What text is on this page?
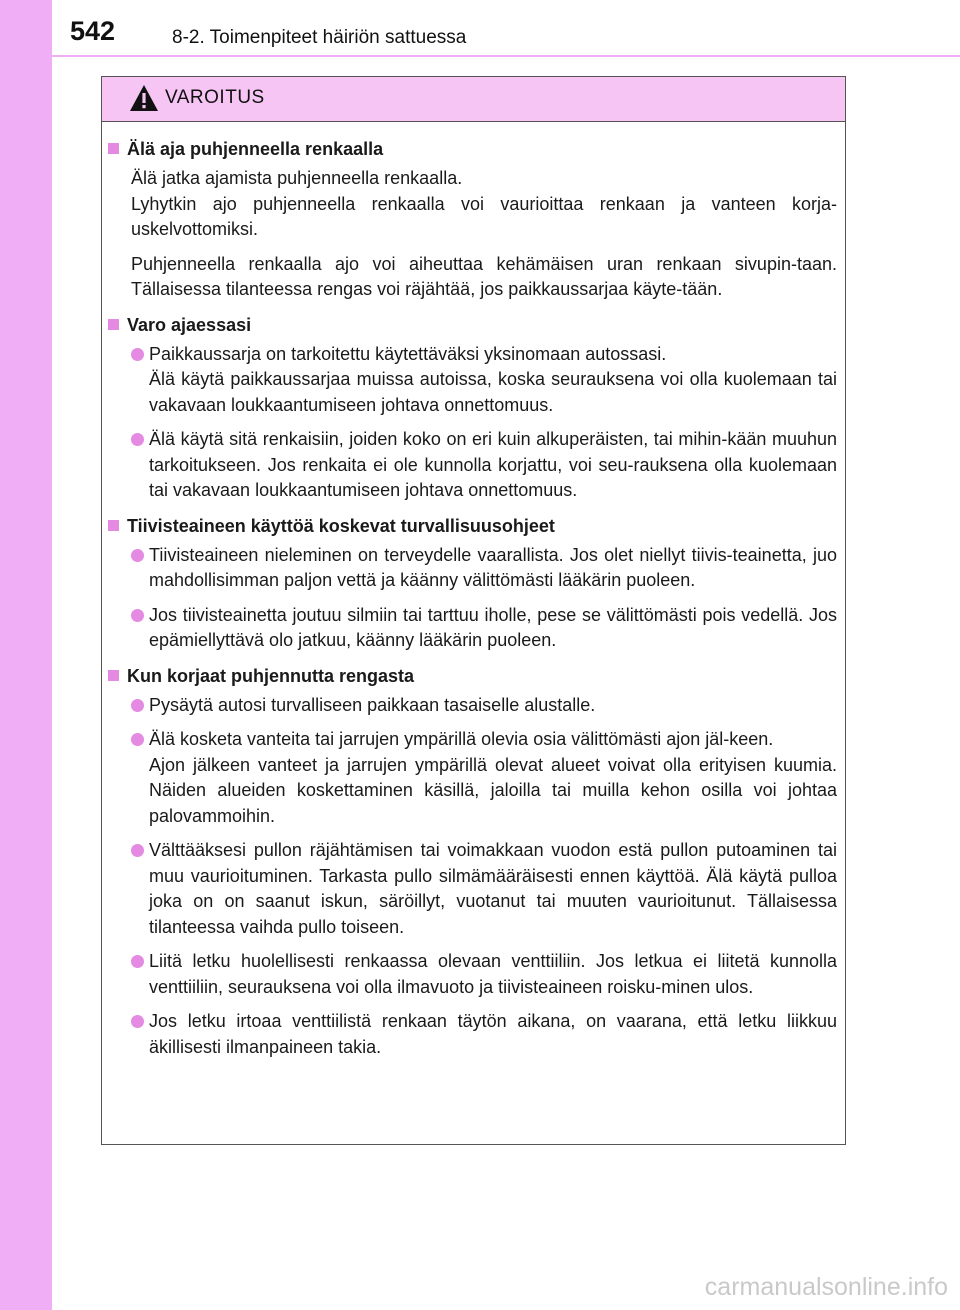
542	8-2. Toimenpiteet häiriön sattuessa
VAROITUS
Älä aja puhjenneella renkaalla
Älä jatka ajamista puhjenneella renkaalla.
Lyhytkin ajo puhjenneella renkaalla voi vaurioittaa renkaan ja vanteen korja-uskelvottomiksi.
Puhjenneella renkaalla ajo voi aiheuttaa kehämäisen uran renkaan sivupin-taan. Tällaisessa tilanteessa rengas voi räjähtää, jos paikkaussarjaa käyte-tään.
Varo ajaessasi
Paikkaussarja on tarkoitettu käytettäväksi yksinomaan autossasi.
Älä käytä paikkaussarjaa muissa autoissa, koska seurauksena voi olla kuolemaan tai vakavaan loukkaantumiseen johtava onnettomuus.
Älä käytä sitä renkaisiin, joiden koko on eri kuin alkuperäisten, tai mihin-kään muuhun tarkoitukseen. Jos renkaita ei ole kunnolla korjattu, voi seu-rauksena olla kuolemaan tai vakavaan loukkaantumiseen johtava onnettomuus.
Tiivisteaineen käyttöä koskevat turvallisuusohjeet
Tiivisteaineen nieleminen on terveydelle vaarallista. Jos olet niellyt tiivis-teainetta, juo mahdollisimman paljon vettä ja käänny välittömästi lääkärin puoleen.
Jos tiivisteainetta joutuu silmiin tai tarttuu iholle, pese se välittömästi pois vedellä. Jos epämiellyttävä olo jatkuu, käänny lääkärin puoleen.
Kun korjaat puhjennutta rengasta
Pysäytä autosi turvalliseen paikkaan tasaiselle alustalle.
Älä kosketa vanteita tai jarrujen ympärillä olevia osia välittömästi ajon jäl-keen.
Ajon jälkeen vanteet ja jarrujen ympärillä olevat alueet voivat olla erityisen kuumia. Näiden alueiden koskettaminen käsillä, jaloilla tai muilla kehon osilla voi johtaa palovammoihin.
Välttääksesi pullon räjähtämisen tai voimakkaan vuodon estä pullon putoaminen tai muu vaurioituminen. Tarkasta pullo silmämääräisesti ennen käyttöä. Älä käytä pulloa joka on on saanut iskun, säröillyt, vuotanut tai muuten vaurioitunut. Tällaisessa tilanteessa vaihda pullo toiseen.
Liitä letku huolellisesti renkaassa olevaan venttiiliin. Jos letkua ei liitetä kunnolla venttiiliin, seurauksena voi olla ilmavuoto ja tiivisteaineen roisku-minen ulos.
Jos letku irtoaa venttiilistä renkaan täytön aikana, on vaarana, että letku liikkuu äkillisesti ilmanpaineen takia.
carmanualsonline.info
